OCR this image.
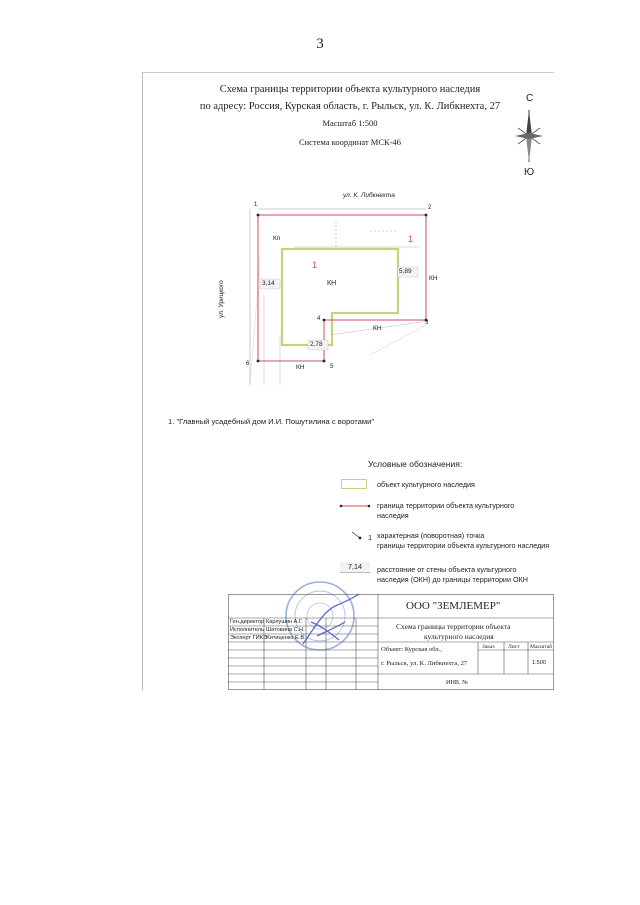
3
Схема границы территории объекта культурного наследия
по адресу: Россия, Курская область, г. Рыльск, ул. К. Либкнехта, 27
Масштаб 1:500
Система координат МСК-46
С
Ю
ул. К. Либкнехта
ул. Урицкого
Кп
КН
КН
КН
КН
1
1
3,14
5,89
2,78
1	2
3
4
5
6
1. "Главный усадебный дом И.И. Пошутилина с воротами"
Условные обозначения:
объект культурного наследия
граница территории объекта культурного
наследия
1 характерная (поворотная) точка
границы территории объекта культурного наследия
7,14	расстояние от стены объекта культурного
наследия (ОКН) до границы территории ОКН
ООО "ЗЕМЛЕМЕР"
Схема границы территории объекта
культурного наследия
Объект: Курская обл.,
г. Рыльск, ул. К. Либкнехта, 27
Заказ Лист Масштаб
1:500
ИНВ. №
Ген.директор Карлушин А.Г.
Исполнитель Шатовина С.Н.
Эксперт ГИКЭ Хитиценко Е.В.
